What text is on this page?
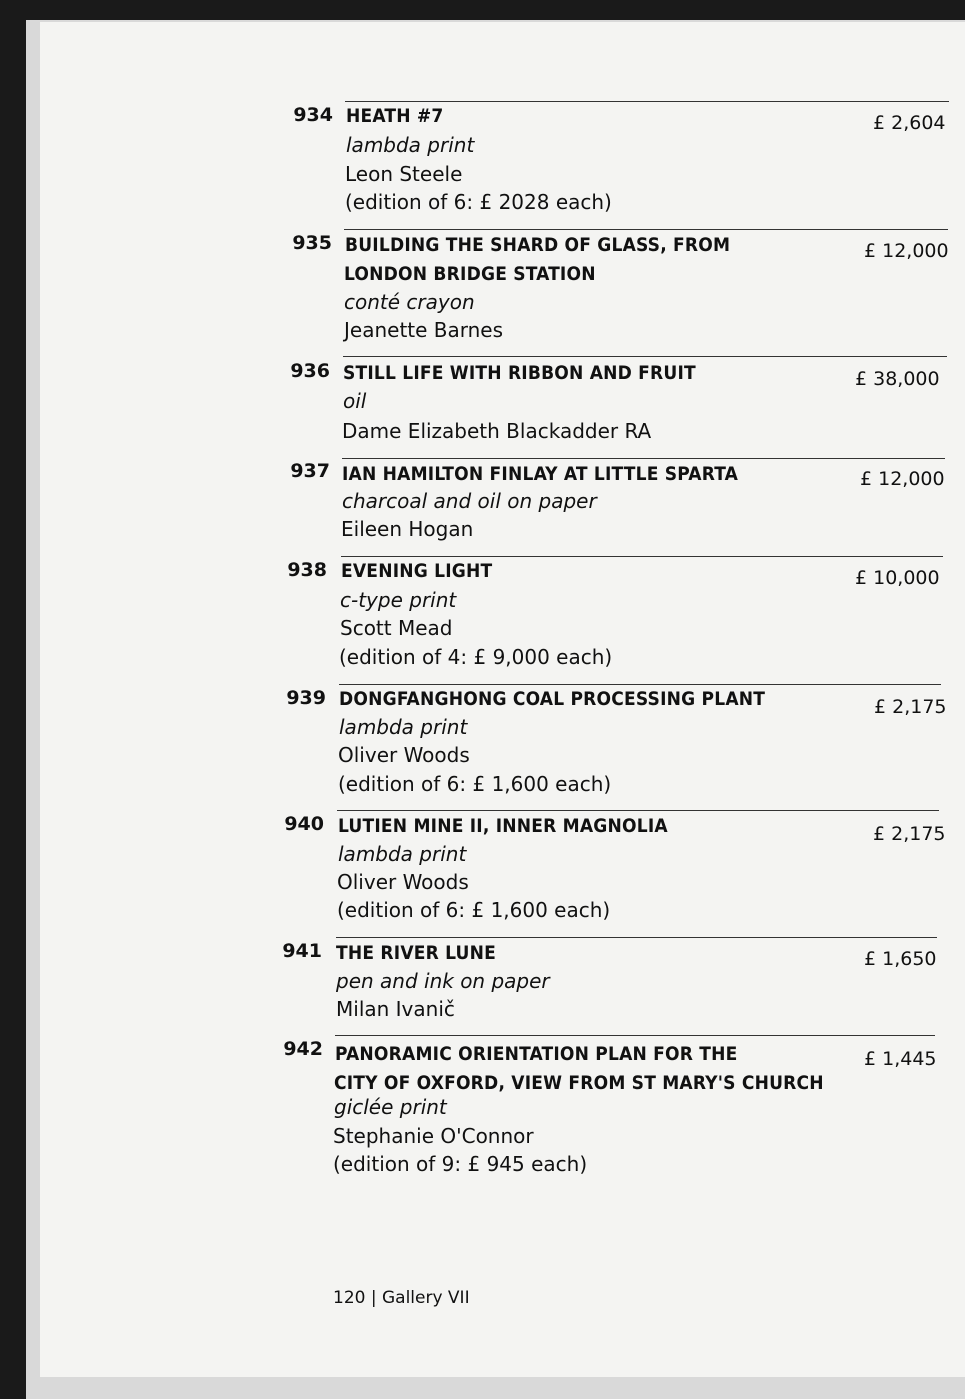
934 HEATH #7
lambda print
Leon Steele
(edition of 6: £ 2028 each)
£ 2,604
935 BUILDING THE SHARD OF GLASS, FROM
LONDON BRIDGE STATION
conté crayon
Jeanette Barnes
£ 12,000
936 STILL LIFE WITH RIBBON AND FRUIT
oil
Dame Elizabeth Blackadder RA
£ 38,000
937 IAN HAMILTON FINLAY AT LITTLE SPARTA
charcoal and oil on paper
Eileen Hogan
£ 12,000
938 EVENING LIGHT
c-type print
Scott Mead
(edition of 4: £ 9,000 each)
£ 10,000
939 DONGFANGHONG COAL PROCESSING PLANT
lambda print
Oliver Woods
(edition of 6: £ 1,600 each)
£ 2,175
940 LUTIEN MINE II, INNER MAGNOLIA
lambda print
Oliver Woods
(edition of 6: £ 1,600 each)
£ 2,175
941 THE RIVER LUNE
pen and ink on paper
Milan Ivanič
£ 1,650
942 PANORAMIC ORIENTATION PLAN FOR THE
CITY OF OXFORD, VIEW FROM ST MARY'S CHURCH
giclée print
Stephanie O'Connor
(edition of 9: £ 945 each)
£ 1,445
120 | Gallery VII
